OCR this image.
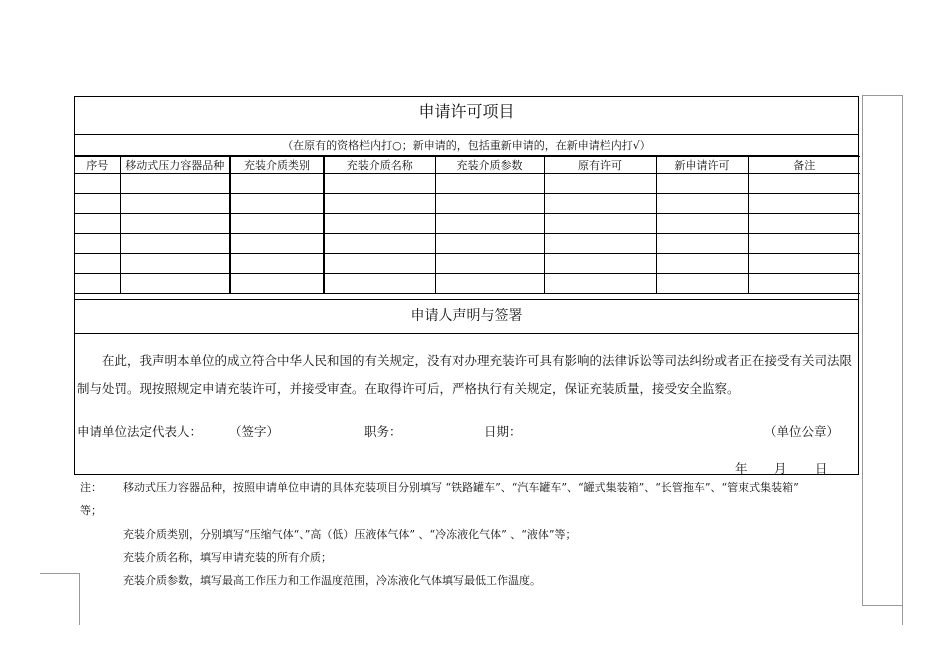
申请许可项目
（在原有的资格栏内打○；新申请的，包括重新申请的，在新申请栏内打√）
序号	移动式压力容器品种	充装介质类别	充装介质名称	充装介质参数	原有许可	新申请许可	备注

申请人声明与签署
在此，我声明本单位的成立符合中华人民和国的有关规定，没有对办理充装许可具有影响的法律诉讼等司法纠纷或者正在接受有关司法限制与处罚。现按照规定申请充装许可，并接受审查。在取得许可后，严格执行有关规定，保证充装质量，接受安全监察。
申请单位法定代表人： （签字）	职务：	日期：	（单位公章）
年 月 日
注： 移动式压力容器品种，按照申请单位申请的具体充装项目分别填写 “铁路罐车”、“汽车罐车”、“罐式集装箱”、“长管拖车”、“管束式集装箱”
等；
充装介质类别，分别填写“压缩气体“、”高（低）压液体气体” 、“冷冻液化气体” 、“液体”等；
充装介质名称，填写申请充装的所有介质；
充装介质参数，填写最高工作压力和工作温度范围，冷冻液化气体填写最低工作温度。
